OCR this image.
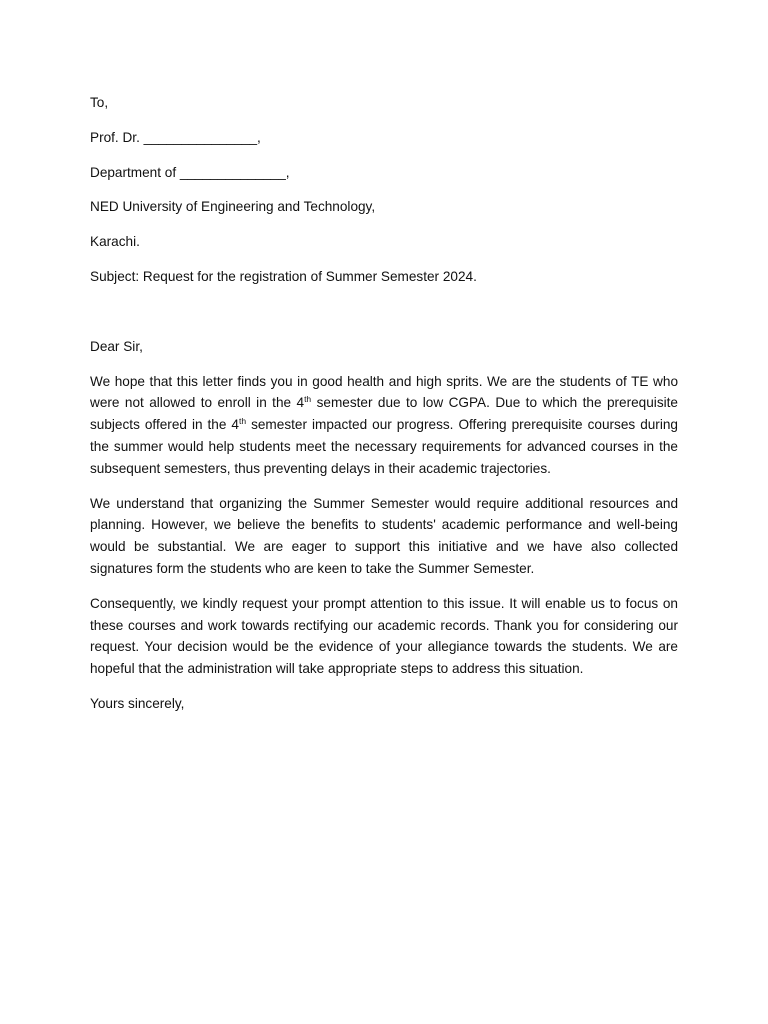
To,
Prof. Dr. _______________,
Department of ______________,
NED University of Engineering and Technology,
Karachi.
Subject: Request for the registration of Summer Semester 2024.
Dear Sir,

We hope that this letter finds you in good health and high sprits. We are the students of TE who were not allowed to enroll in the 4th semester due to low CGPA. Due to which the prerequisite subjects offered in the 4th semester impacted our progress. Offering prerequisite courses during the summer would help students meet the necessary requirements for advanced courses in the subsequent semesters, thus preventing delays in their academic trajectories.

We understand that organizing the Summer Semester would require additional resources and planning. However, we believe the benefits to students' academic performance and well-being would be substantial. We are eager to support this initiative and we have also collected signatures form the students who are keen to take the Summer Semester.

Consequently, we kindly request your prompt attention to this issue. It will enable us to focus on these courses and work towards rectifying our academic records. Thank you for considering our request. Your decision would be the evidence of your allegiance towards the students. We are hopeful that the administration will take appropriate steps to address this situation.

Yours sincerely,
